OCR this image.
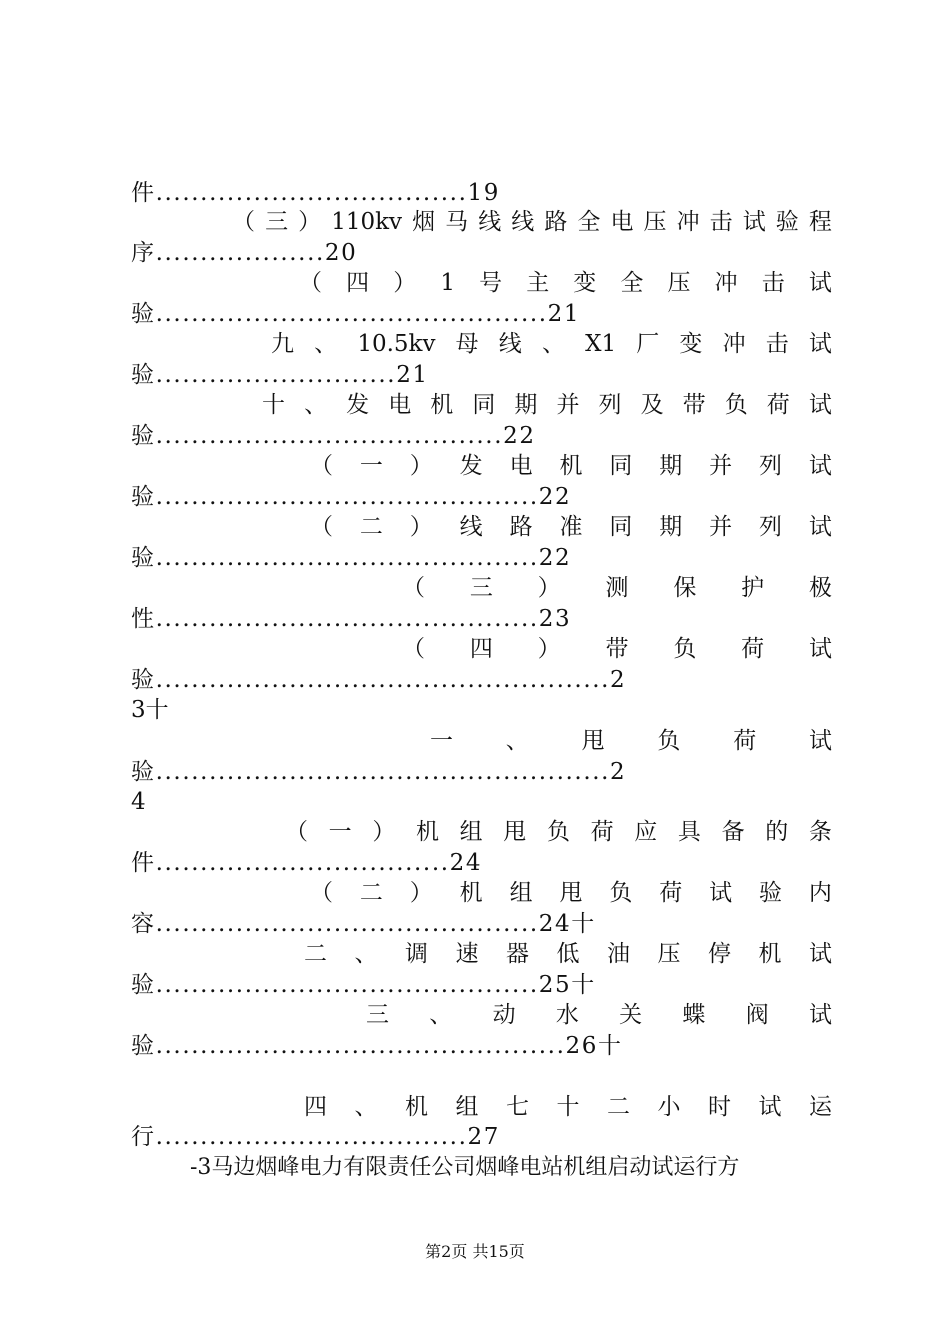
件...................................19
（ 三 ） 110kv 烟 马 线 线 路 全 电 压 冲 击 试 验 程
序...................20
（ 四 ） 1 号 主 变 全 压 冲 击 试
验............................................21
九 、 10.5kv 母 线 、 X1 厂 变 冲 击 试
验...........................21
十 、 发 电 机 同 期 并 列 及 带 负 荷 试
验.......................................22
（ 一 ） 发 电 机 同 期 并 列 试
验...........................................22
（ 二 ） 线 路 准 同 期 并 列 试
验...........................................22
（ 三 ） 测 保 护 极
性...........................................23
（ 四 ） 带 负 荷 试
验...................................................2
3十
一 、 甩 负 荷 试
验...................................................2
4
（ 一 ） 机 组 甩 负 荷 应 具 备 的 条
件.................................24
（ 二 ） 机 组 甩 负 荷 试 验 内
容...........................................24十
二 、 调 速 器 低 油 压 停 机 试
验...........................................25十
三 、 动 水 关 蝶 阀 试
验..............................................26十
四 、 机 组 七 十 二 小 时 试 运
行...................................27
-3马边烟峰电力有限责任公司烟峰电站机组启动试运行方
第2页 共15页
